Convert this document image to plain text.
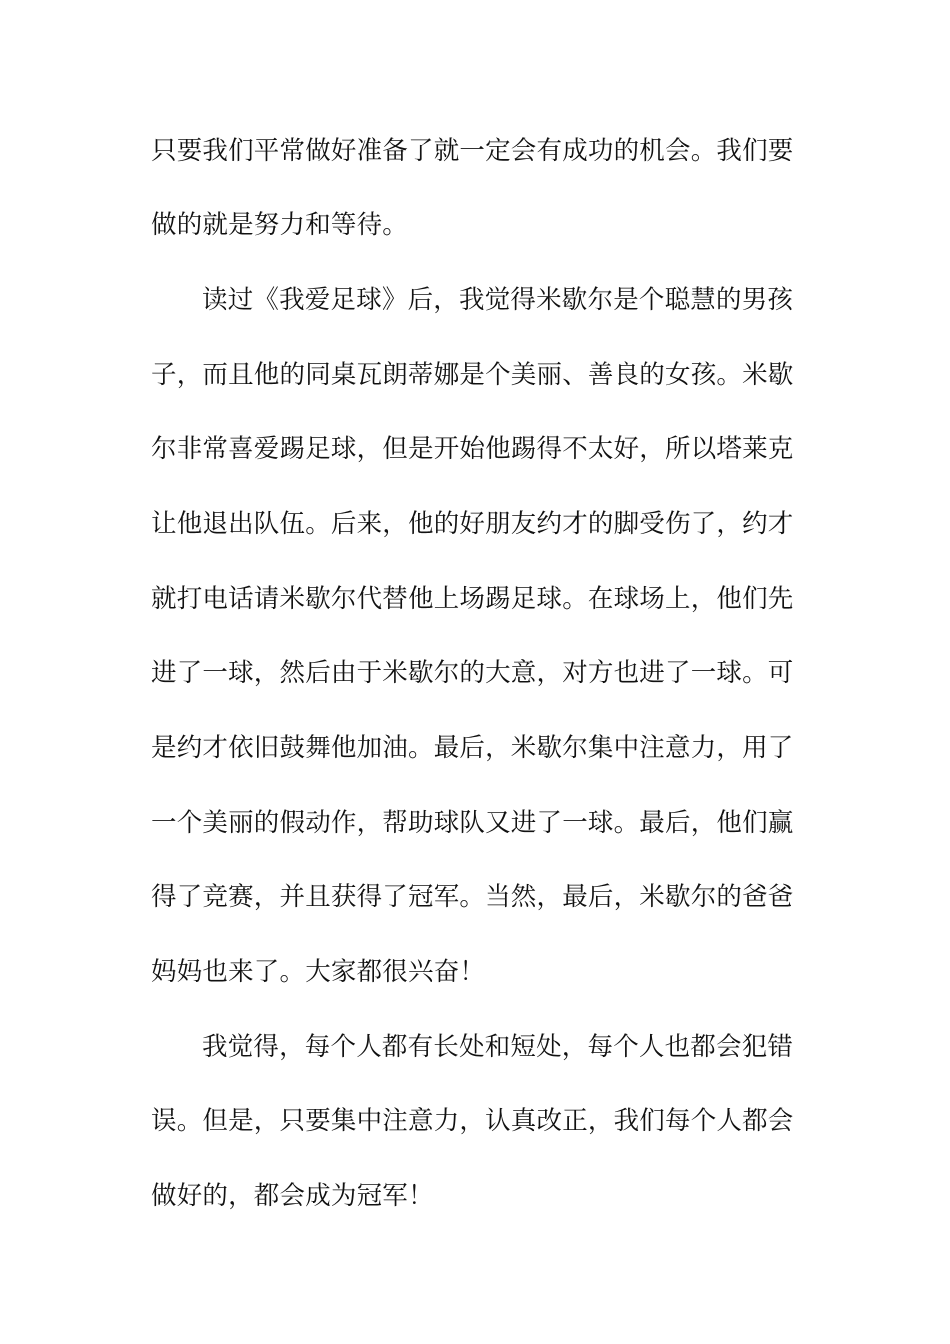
只要我们平常做好准备了就一定会有成功的机会。我们要
做的就是努力和等待。
读过《我爱足球》后，我觉得米歇尔是个聪慧的男孩
子，而且他的同桌瓦朗蒂娜是个美丽、善良的女孩。米歇
尔非常喜爱踢足球，但是开始他踢得不太好，所以塔莱克
让他退出队伍。后来，他的好朋友约才的脚受伤了，约才
就打电话请米歇尔代替他上场踢足球。在球场上，他们先
进了一球，然后由于米歇尔的大意，对方也进了一球。可
是约才依旧鼓舞他加油。最后，米歇尔集中注意力，用了
一个美丽的假动作，帮助球队又进了一球。最后，他们赢
得了竞赛，并且获得了冠军。当然，最后，米歇尔的爸爸
妈妈也来了。大家都很兴奋！
我觉得，每个人都有长处和短处，每个人也都会犯错
误。但是，只要集中注意力，认真改正，我们每个人都会
做好的，都会成为冠军！
